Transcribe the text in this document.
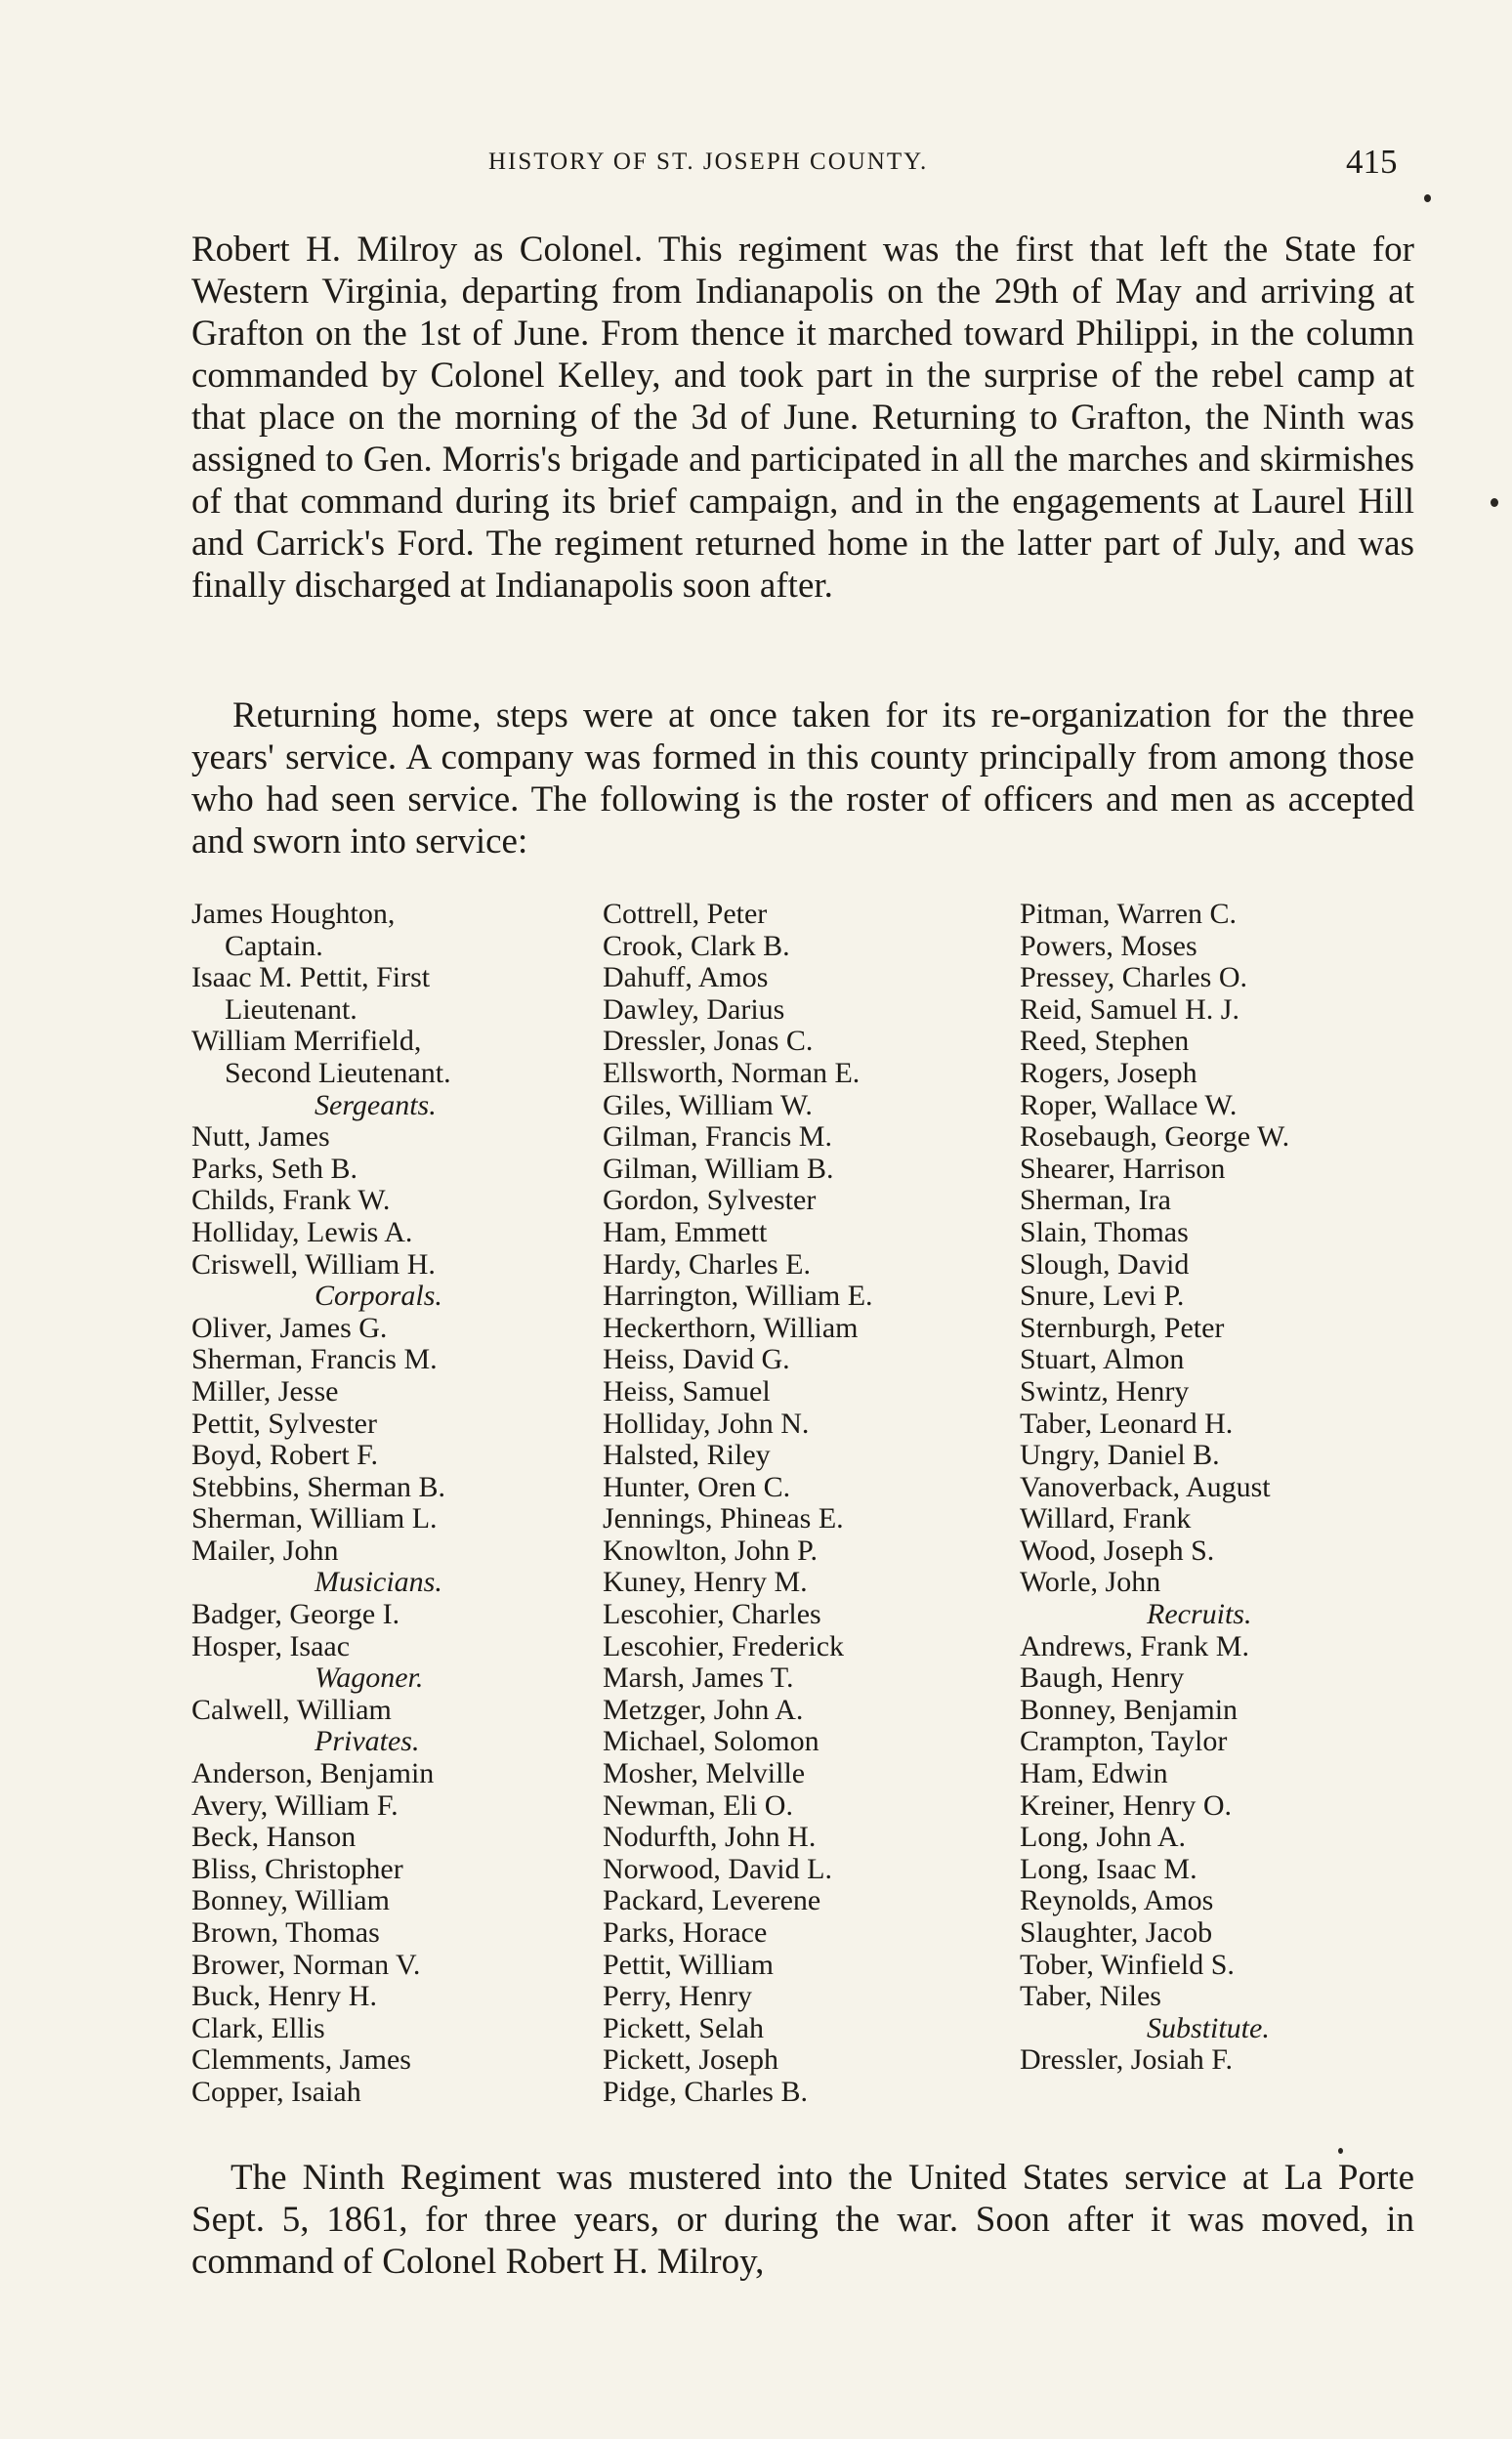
HISTORY OF ST. JOSEPH COUNTY.	415

Robert H. Milroy as Colonel. This regiment was the first that left the State for Western Virginia, departing from Indianapolis on the 29th of May and arriving at Grafton on the 1st of June. From thence it marched toward Philippi, in the column commanded by Colonel Kelley, and took part in the surprise of the rebel camp at that place on the morning of the 3d of June. Returning to Grafton, the Ninth was assigned to Gen. Morris's brigade and participated in all the marches and skirmishes of that command during its brief campaign, and in the engagements at Laurel Hill and Carrick's Ford. The regiment returned home in the latter part of July, and was finally discharged at Indianapolis soon after.

Returning home, steps were at once taken for its re-organization for the three years' service. A company was formed in this county principally from among those who had seen service. The following is the roster of officers and men as accepted and sworn into service:

James Houghton,
Captain.
Isaac M. Pettit, First
Lieutenant.
William Merrifield,
Second Lieutenant.
Sergeants.
Nutt, James
Parks, Seth B.
Childs, Frank W.
Holliday, Lewis A.
Criswell, William H.
Corporals.
Oliver, James G.
Sherman, Francis M.
Miller, Jesse
Pettit, Sylvester
Boyd, Robert F.
Stebbins, Sherman B.
Sherman, William L.
Mailer, John
Musicians.
Badger, George I.
Hosper, Isaac
Wagoner.
Calwell, William
Privates.
Anderson, Benjamin
Avery, William F.
Beck, Hanson
Bliss, Christopher
Bonney, William
Brown, Thomas
Brower, Norman V.
Buck, Henry H.
Clark, Ellis
Clemments, James
Copper, Isaiah
Cottrell, Peter
Crook, Clark B.
Dahuff, Amos
Dawley, Darius
Dressler, Jonas C.
Ellsworth, Norman E.
Giles, William W.
Gilman, Francis M.
Gilman, William B.
Gordon, Sylvester
Ham, Emmett
Hardy, Charles E.
Harrington, William E.
Heckerthorn, William
Heiss, David G.
Heiss, Samuel
Holliday, John N.
Halsted, Riley
Hunter, Oren C.
Jennings, Phineas E.
Knowlton, John P.
Kuney, Henry M.
Lescohier, Charles
Lescohier, Frederick
Marsh, James T.
Metzger, John A.
Michael, Solomon
Mosher, Melville
Newman, Eli O.
Nodurfth, John H.
Norwood, David L.
Packard, Leverene
Parks, Horace
Pettit, William
Perry, Henry
Pickett, Selah
Pickett, Joseph
Pidge, Charles B.
Pitman, Warren C.
Powers, Moses
Pressey, Charles O.
Reid, Samuel H. J.
Reed, Stephen
Rogers, Joseph
Roper, Wallace W.
Rosebaugh, George W.
Shearer, Harrison
Sherman, Ira
Slain, Thomas
Slough, David
Snure, Levi P.
Sternburgh, Peter
Stuart, Almon
Swintz, Henry
Taber, Leonard H.
Ungry, Daniel B.
Vanoverback, August
Willard, Frank
Wood, Joseph S.
Worle, John
Recruits.
Andrews, Frank M.
Baugh, Henry
Bonney, Benjamin
Crampton, Taylor
Ham, Edwin
Kreiner, Henry O.
Long, John A.
Long, Isaac M.
Reynolds, Amos
Slaughter, Jacob
Tober, Winfield S.
Taber, Niles
Substitute.
Dressler, Josiah F.

The Ninth Regiment was mustered into the United States service at La Porte Sept. 5, 1861, for three years, or during the war. Soon after it was moved, in command of Colonel Robert H. Milroy,
